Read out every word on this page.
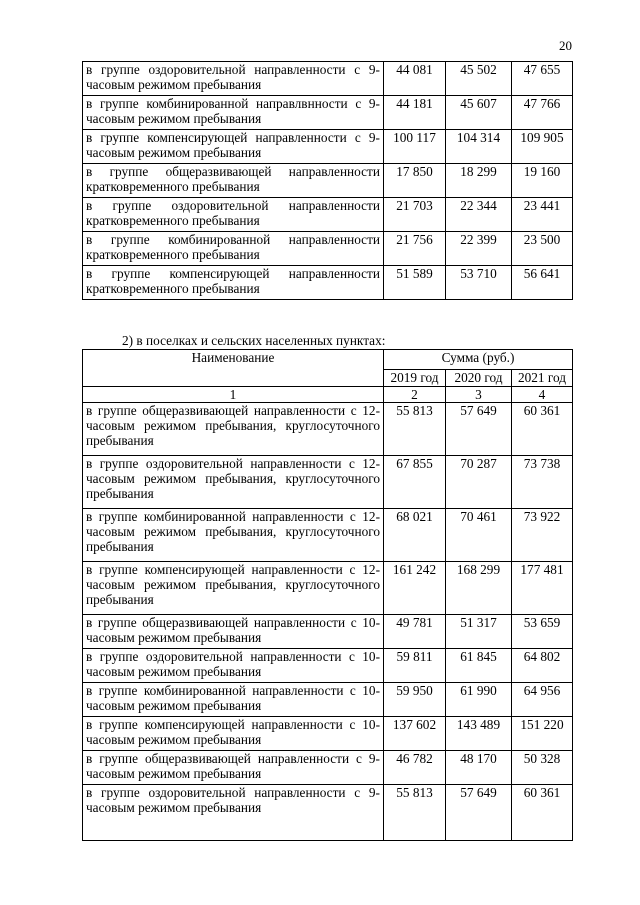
20
в группе оздоровительной направленности с 9-часовым режимом пребывания	44 081	45 502	47 655
в группе комбинированной направлвнности с 9-часовым режимом пребывания	44 181	45 607	47 766
в группе компенсирующей направленности с 9-часовым режимом пребывания	100 117	104 314	109 905
в группе общеразвивающей направленности кратковременного пребывания	17 850	18 299	19 160
в группе оздоровительной направленности кратковременного пребывания	21 703	22 344	23 441
в группе комбинированной направленности кратковременного пребывания	21 756	22 399	23 500
в группе компенсирующей направленности кратковременного пребывания	51 589	53 710	56 641
2) в поселках и сельских населенных пунктах:
Наименование	Сумма (руб.)		
	2019 год	2020 год	2021 год
1	2	3	4
в группе общеразвивающей направленности с 12-часовым режимом пребывания, круглосуточного пребывания	55 813	57 649	60 361
в группе оздоровительной направленности с 12-часовым режимом пребывания, круглосуточного пребывания	67 855	70 287	73 738
в группе комбинированной направленности с 12-часовым режимом пребывания, круглосуточного пребывания	68 021	70 461	73 922
в группе компенсирующей направленности с 12-часовым режимом пребывания, круглосуточного пребывания	161 242	168 299	177 481
в группе общеразвивающей направленности с 10-часовым режимом пребывания	49 781	51 317	53 659
в группе оздоровительной направленности с 10-часовым режимом пребывания	59 811	61 845	64 802
в группе комбинированной направленности с 10-часовым режимом пребывания	59 950	61 990	64 956
в группе компенсирующей направленности с 10-часовым режимом пребывания	137 602	143 489	151 220
в группе общеразвивающей направленности с 9-часовым режимом пребывания	46 782	48 170	50 328
в группе оздоровительной направленности с 9-часовым режимом пребывания	55 813	57 649	60 361
